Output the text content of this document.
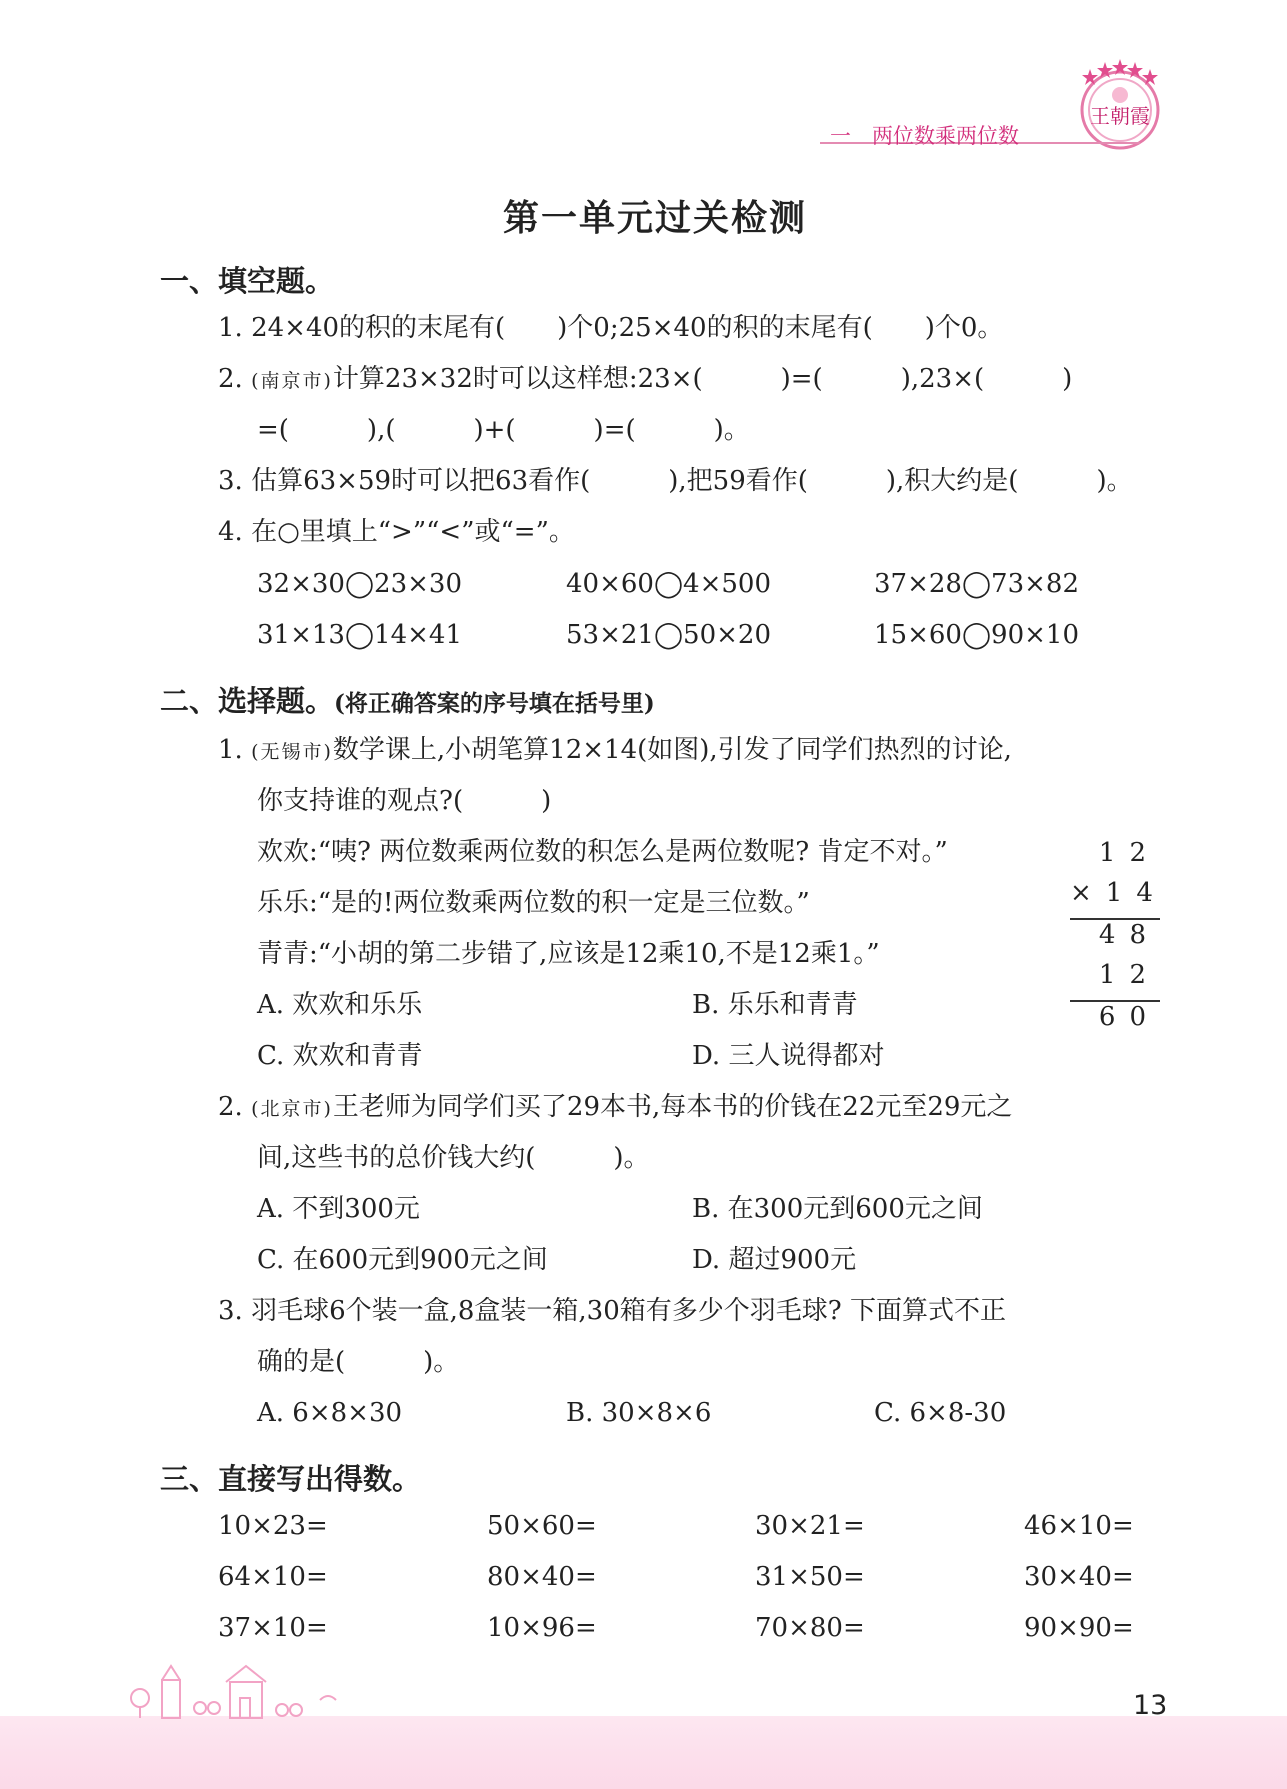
王朝霞
一　两位数乘两位数
第一单元过关检测
一、填空题。
1. 24×40的积的末尾有(　　)个0;25×40的积的末尾有(　　)个0。
2. (南京市)计算23×32时可以这样想:23×(　　　)=(　　　),23×(　　　)
=(　　　),(　　　)+(　　　)=(　　　)。
3. 估算63×59时可以把63看作(　　　),把59看作(　　　),积大约是(　　　)。
4. 在○里填上“>”“<”或“=”。
32×30◯23×30	40×60◯4×500	37×28◯73×82
31×13◯14×41	53×21◯50×20	15×60◯90×10
二、选择题。(将正确答案的序号填在括号里)
1. (无锡市)数学课上,小胡笔算12×14(如图),引发了同学们热烈的讨论,
你支持谁的观点?(　　　)
欢欢:“咦? 两位数乘两位数的积怎么是两位数呢? 肯定不对。”
乐乐:“是的!两位数乘两位数的积一定是三位数。”
青青:“小胡的第二步错了,应该是12乘10,不是12乘1。”
A. 欢欢和乐乐	B. 乐乐和青青
C. 欢欢和青青	D. 三人说得都对
12
×14
48
12
60
2. (北京市)王老师为同学们买了29本书,每本书的价钱在22元至29元之
间,这些书的总价钱大约(　　　)。
A. 不到300元	B. 在300元到600元之间
C. 在600元到900元之间	D. 超过900元
3. 羽毛球6个装一盒,8盒装一箱,30箱有多少个羽毛球? 下面算式不正
确的是(　　　)。
A. 6×8×30	B. 30×8×6	C. 6×8-30
三、直接写出得数。
10×23=	50×60=	30×21=	46×10=
64×10=	80×40=	31×50=	30×40=
37×10=	10×96=	70×80=	90×90=
13
